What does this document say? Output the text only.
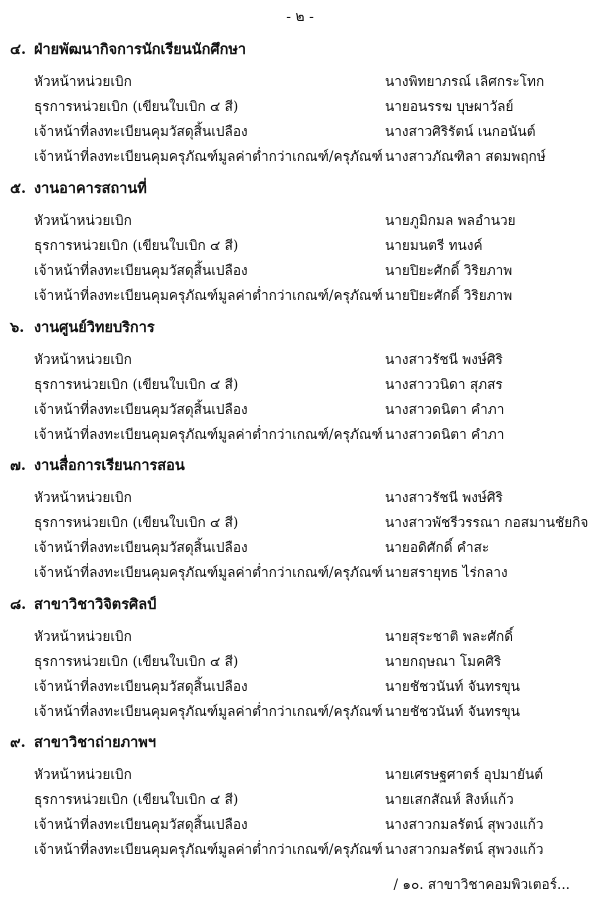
- ๒ -
๔. ฝ่ายพัฒนากิจการนักเรียนนักศึกษา
หัวหน้าหน่วยเบิก	นางพิทยาภรณ์ เลิศกระโทก
ธุรการหน่วยเบิก (เขียนใบเบิก ๔ สี)	นายอนรรฆ บุษผาวัลย์
เจ้าหน้าที่ลงทะเบียนคุมวัสดุสิ้นเปลือง	นางสาวศิริรัตน์ เนกอนันต์
เจ้าหน้าที่ลงทะเบียนคุมครุภัณฑ์มูลค่าต่ำกว่าเกณฑ์/ครุภัณฑ์ นางสาวภัณฑิลา สดมพฤกษ์
๕. งานอาคารสถานที่
หัวหน้าหน่วยเบิก	นายภูมิกมล พลอำนวย
ธุรการหน่วยเบิก (เขียนใบเบิก ๔ สี)	นายมนตรี ทนงค์
เจ้าหน้าที่ลงทะเบียนคุมวัสดุสิ้นเปลือง	นายปิยะศักดิ์ วิริยภาพ
เจ้าหน้าที่ลงทะเบียนคุมครุภัณฑ์มูลค่าต่ำกว่าเกณฑ์/ครุภัณฑ์ นายปิยะศักดิ์ วิริยภาพ
๖. งานศูนย์วิทยบริการ
หัวหน้าหน่วยเบิก	นางสาวรัชนี พงษ์ศิริ
ธุรการหน่วยเบิก (เขียนใบเบิก ๔ สี)	นางสาววนิดา สุภสร
เจ้าหน้าที่ลงทะเบียนคุมวัสดุสิ้นเปลือง	นางสาวดนิตา คำภา
เจ้าหน้าที่ลงทะเบียนคุมครุภัณฑ์มูลค่าต่ำกว่าเกณฑ์/ครุภัณฑ์ นางสาวดนิตา คำภา
๗. งานสื่อการเรียนการสอน
หัวหน้าหน่วยเบิก	นางสาวรัชนี พงษ์ศิริ
ธุรการหน่วยเบิก (เขียนใบเบิก ๔ สี)	นางสาวพัชรีวรรณา กอสมานชัยกิจ
เจ้าหน้าที่ลงทะเบียนคุมวัสดุสิ้นเปลือง	นายอดิศักดิ์ คำสะ
เจ้าหน้าที่ลงทะเบียนคุมครุภัณฑ์มูลค่าต่ำกว่าเกณฑ์/ครุภัณฑ์ นายสรายุทธ ไร่กลาง
๘. สาขาวิชาวิจิตรศิลป์
หัวหน้าหน่วยเบิก	นายสุระชาติ พละศักดิ์
ธุรการหน่วยเบิก (เขียนใบเบิก ๔ สี)	นายกฤษณา โมคศิริ
เจ้าหน้าที่ลงทะเบียนคุมวัสดุสิ้นเปลือง	นายชัชวนันท์ จันทรขุน
เจ้าหน้าที่ลงทะเบียนคุมครุภัณฑ์มูลค่าต่ำกว่าเกณฑ์/ครุภัณฑ์ นายชัชวนันท์ จันทรขุน
๙. สาขาวิชาถ่ายภาพฯ
หัวหน้าหน่วยเบิก	นายเศรษฐศาตร์ อุปมายันต์
ธุรการหน่วยเบิก (เขียนใบเบิก ๔ สี)	นายเสกสัณห์ สิงห์แก้ว
เจ้าหน้าที่ลงทะเบียนคุมวัสดุสิ้นเปลือง	นางสาวกมลรัตน์ สุพวงแก้ว
เจ้าหน้าที่ลงทะเบียนคุมครุภัณฑ์มูลค่าต่ำกว่าเกณฑ์/ครุภัณฑ์ นางสาวกมลรัตน์ สุพวงแก้ว
/ ๑๐. สาขาวิชาคอมพิวเตอร์...
